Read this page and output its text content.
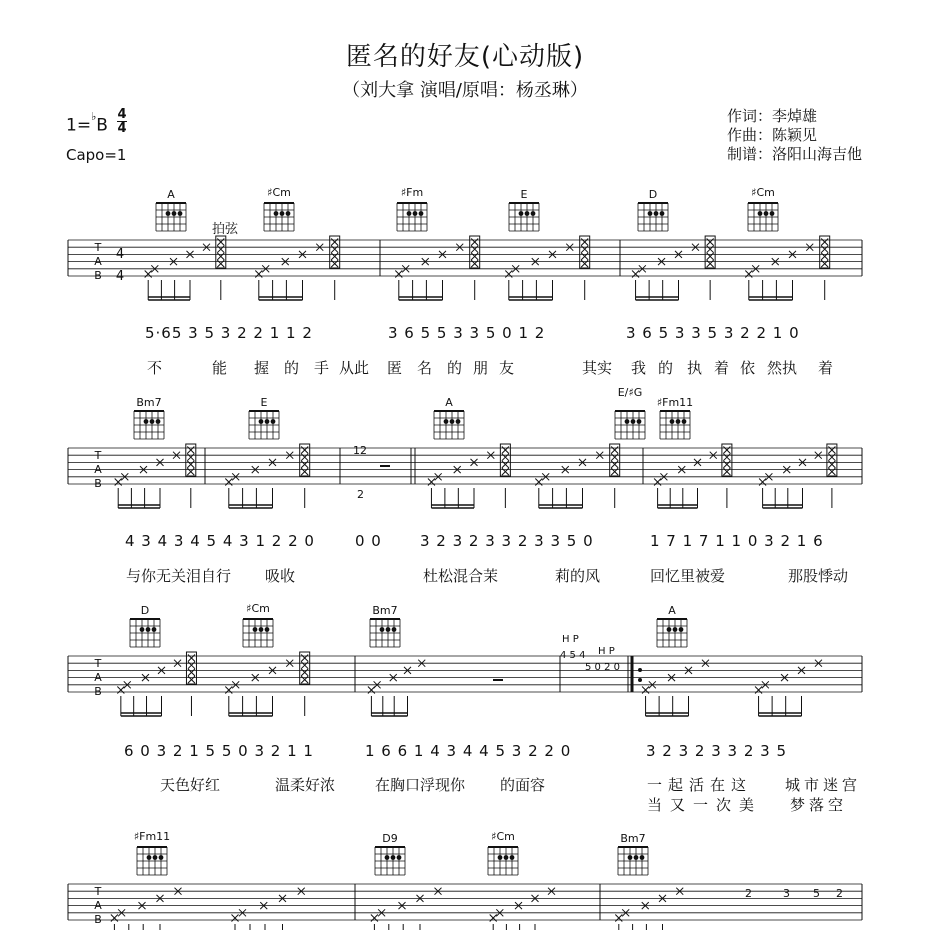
匿名的好友(心动版)
（刘大拿 演唱/原唱：杨丞琳）
1=♭B
4
4
Capo=1
作词：李焯雄
作曲：陈颖见
制谱：洛阳山海吉他
T
A
B
T
A
B
T
A
B
T
A
B
4
4
A	♯Cm	♯Fm	E	D	♯Cm
拍弦
5·65 3 5 3 2 2 1 1 2	3 6 5 5 3 3 5 0 1 2	3 6 5 3 3 5 3 2 2 1 0
不	能 握 的 手 从此 匿 名 的 朋 友	其实 我 的 执 着 依 然执 着
Bm7	E	A
E/♯G
♯Fm11
12
2
4 3 4 3 4 5 4 3 1 2 2 0	0 0	3 2 3 2 3 3 2 3 3 5 0	1 7 1 7 1 1 0 3 2 1 6
与你无关泪自行 吸收	杜松混合茉	莉的风	回忆里被爱	那股悸动
D	♯Cm	Bm7	A
H P
H P
4 5 4
5 0 2 0
6 0 3 2 1 5 5 0 3 2 1 1	1 6 6 1 4 3 4 4 5 3 2 2 0	3 2 3 2 3 3 2 3 5
天色好红	温柔好浓	在胸口浮现你 的面容	一起活在这 城市迷宫
当又一次美 梦落空
♯Fm11	D9	♯Cm	Bm7
2	3 5 2
